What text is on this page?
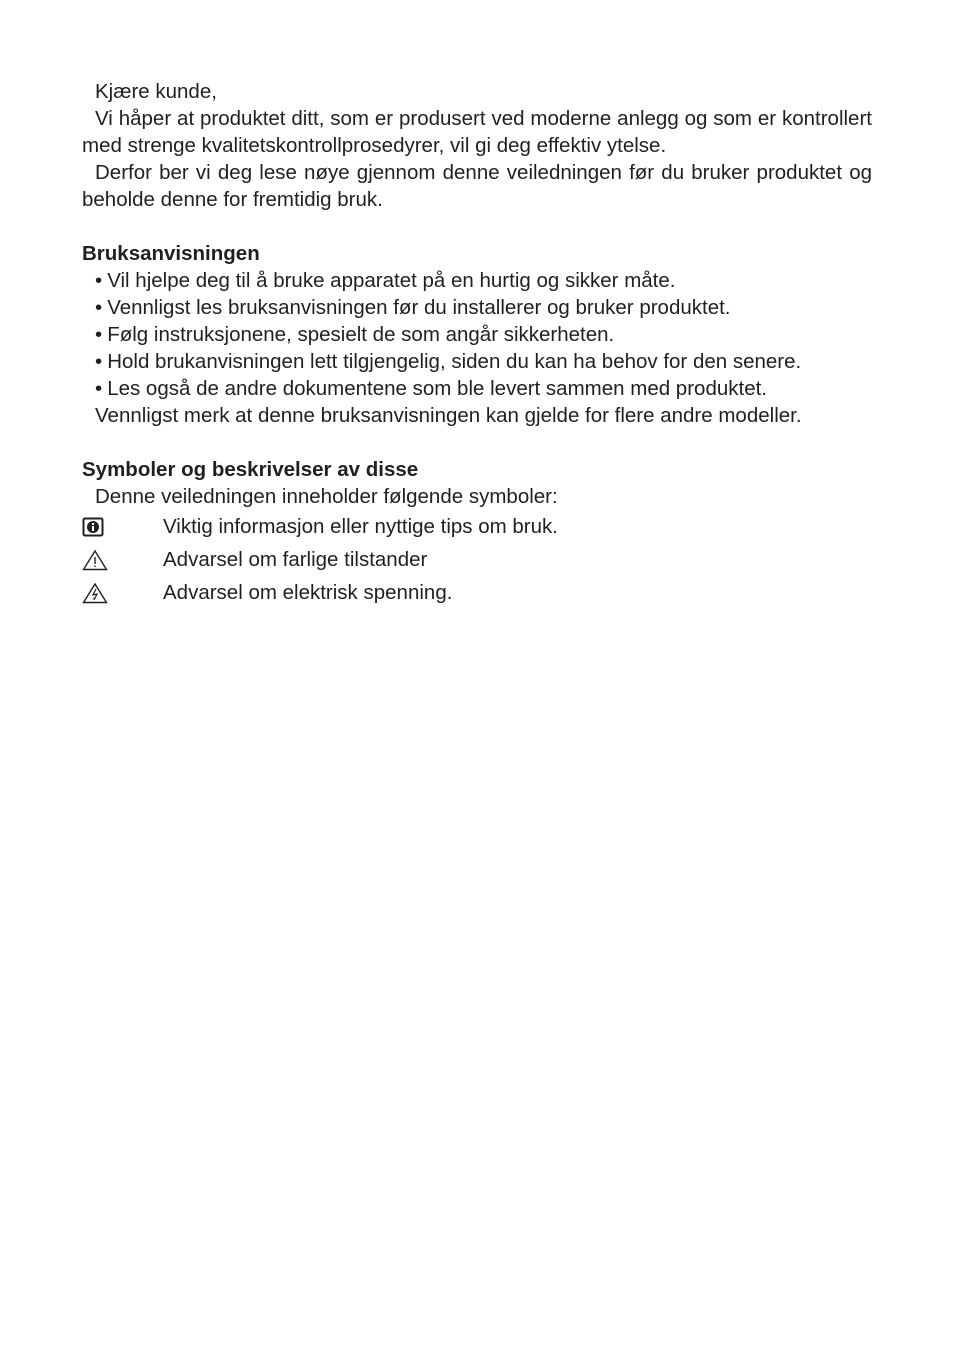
Kjære kunde,

Vi håper at produktet ditt, som er produsert ved moderne anlegg og som er kontrollert med strenge kvalitetskontrollprosedyrer, vil gi deg effektiv ytelse.

Derfor ber vi deg lese nøye gjennom denne veiledningen før du bruker produktet og beholde denne for fremtidig bruk.

Bruksanvisningen
• Vil hjelpe deg til å bruke apparatet på en hurtig og sikker måte.
• Vennligst les bruksanvisningen før du installerer og bruker produktet.
• Følg instruksjonene, spesielt de som angår sikkerheten.
• Hold brukanvisningen lett tilgjengelig, siden du kan ha behov for den senere.
• Les også de andre dokumentene som ble levert sammen med produktet.

Vennligst merk at denne bruksanvisningen kan gjelde for flere andre modeller.

Symboler og beskrivelser av disse

Denne veiledningen inneholder følgende symboler:

Viktig informasjon eller nyttige tips om bruk.
Advarsel om farlige tilstander
Advarsel om elektrisk spenning.
